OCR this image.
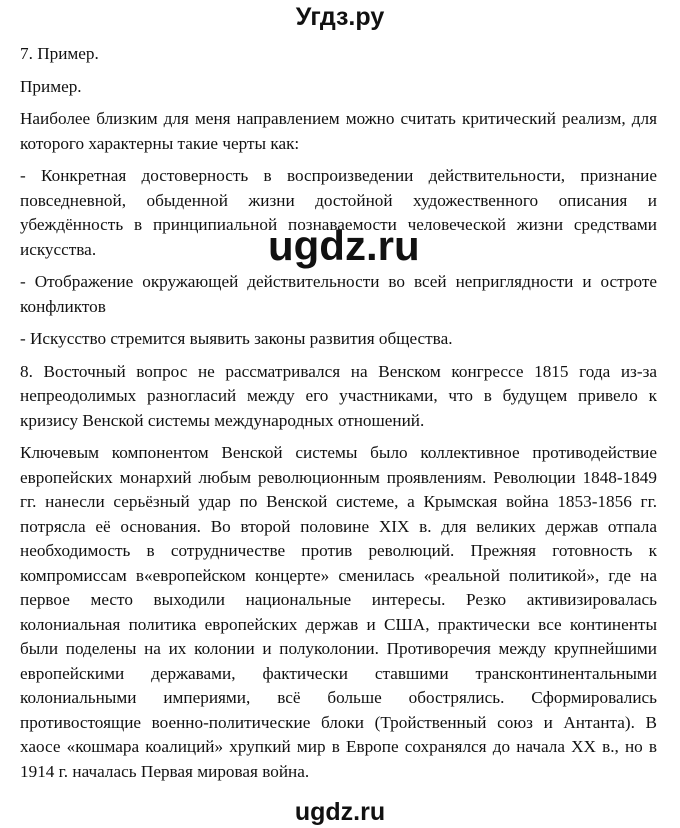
Угдз.ру

7. Пример.

Пример.

Наиболее близким для меня направлением можно считать критический реализм, для которого характерны такие черты как:

- Конкретная достоверность в воспроизведении действительности, признание повседневной, обыденной жизни достойной художественного описания и убеждённость в принципиальной познаваемости человеческой жизни средствами искусства.

- Отображение окружающей действительности во всей неприглядности и остроте конфликтов

- Искусство стремится выявить законы развития общества.

8. Восточный вопрос не рассматривался на Венском конгрессе 1815 года из-за непреодолимых разногласий между его участниками, что в будущем привело к кризису Венской системы международных отношений.

Ключевым компонентом Венской системы было коллективное противодействие европейских монархий любым революционным проявлениям. Революции 1848-1849 гг. нанесли серьёзный удар по Венской системе, а Крымская война 1853-1856 гг. потрясла её основания. Во второй половине XIX в. для великих держав отпала необходимость в сотрудничестве против революций. Прежняя готовность к компромиссам в«европейском концерте» сменилась «реальной политикой», где на первое место выходили национальные интересы. Резко активизировалась колониальная политика европейских держав и США, практически все континенты были поделены на их колонии и полуколонии. Противоречия между крупнейшими европейскими державами, фактически ставшими трансконтинентальными колониальными империями, всё больше обострялись. Сформировались противостоящие военно-политические блоки (Тройственный союз и Антанта). В хаосе «кошмара коалиций» хрупкий мир в Европе сохранялся до начала XX в., но в 1914 г. началась Первая мировая война.

ugdz.ru
ugdz.ru
